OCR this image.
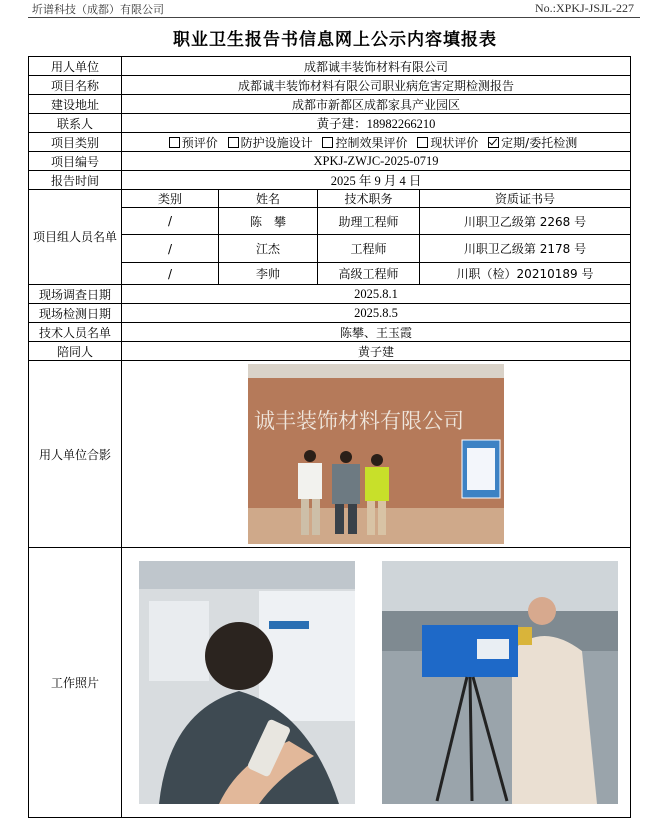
圻谱科技（成都）有限公司	No.:XPKJ-JSJL-227
职业卫生报告书信息网上公示内容填报表
用人单位	成都诚丰装饰材料有限公司			
项目名称	成都诚丰装饰材料有限公司职业病危害定期检测报告			
建设地址	成都市新都区成都家具产业园区			
联系人	黄子建：18982266210			
项目类别	预评价 防护设施设计 控制效果评价 现状评价 定期/委托检测			
项目编号	XPKJ-ZWJC-2025-0719			
报告时间	2025 年 9 月 4 日			
项目组人员名单	类别	姓名	技术职务	资质证书号
	/	陈　攀	助理工程师	川职卫乙级第 2268 号
	/	江杰	工程师	川职卫乙级第 2178 号
	/	李帅	高级工程师	川职（检）20210189 号
现场调查日期	2025.8.1			
现场检测日期	2025.8.5			
技术人员名单	陈攀、王玉霞			
陪同人	黄子建			
用人单位合影	诚丰装饰材料有限公司			

工作照片	
